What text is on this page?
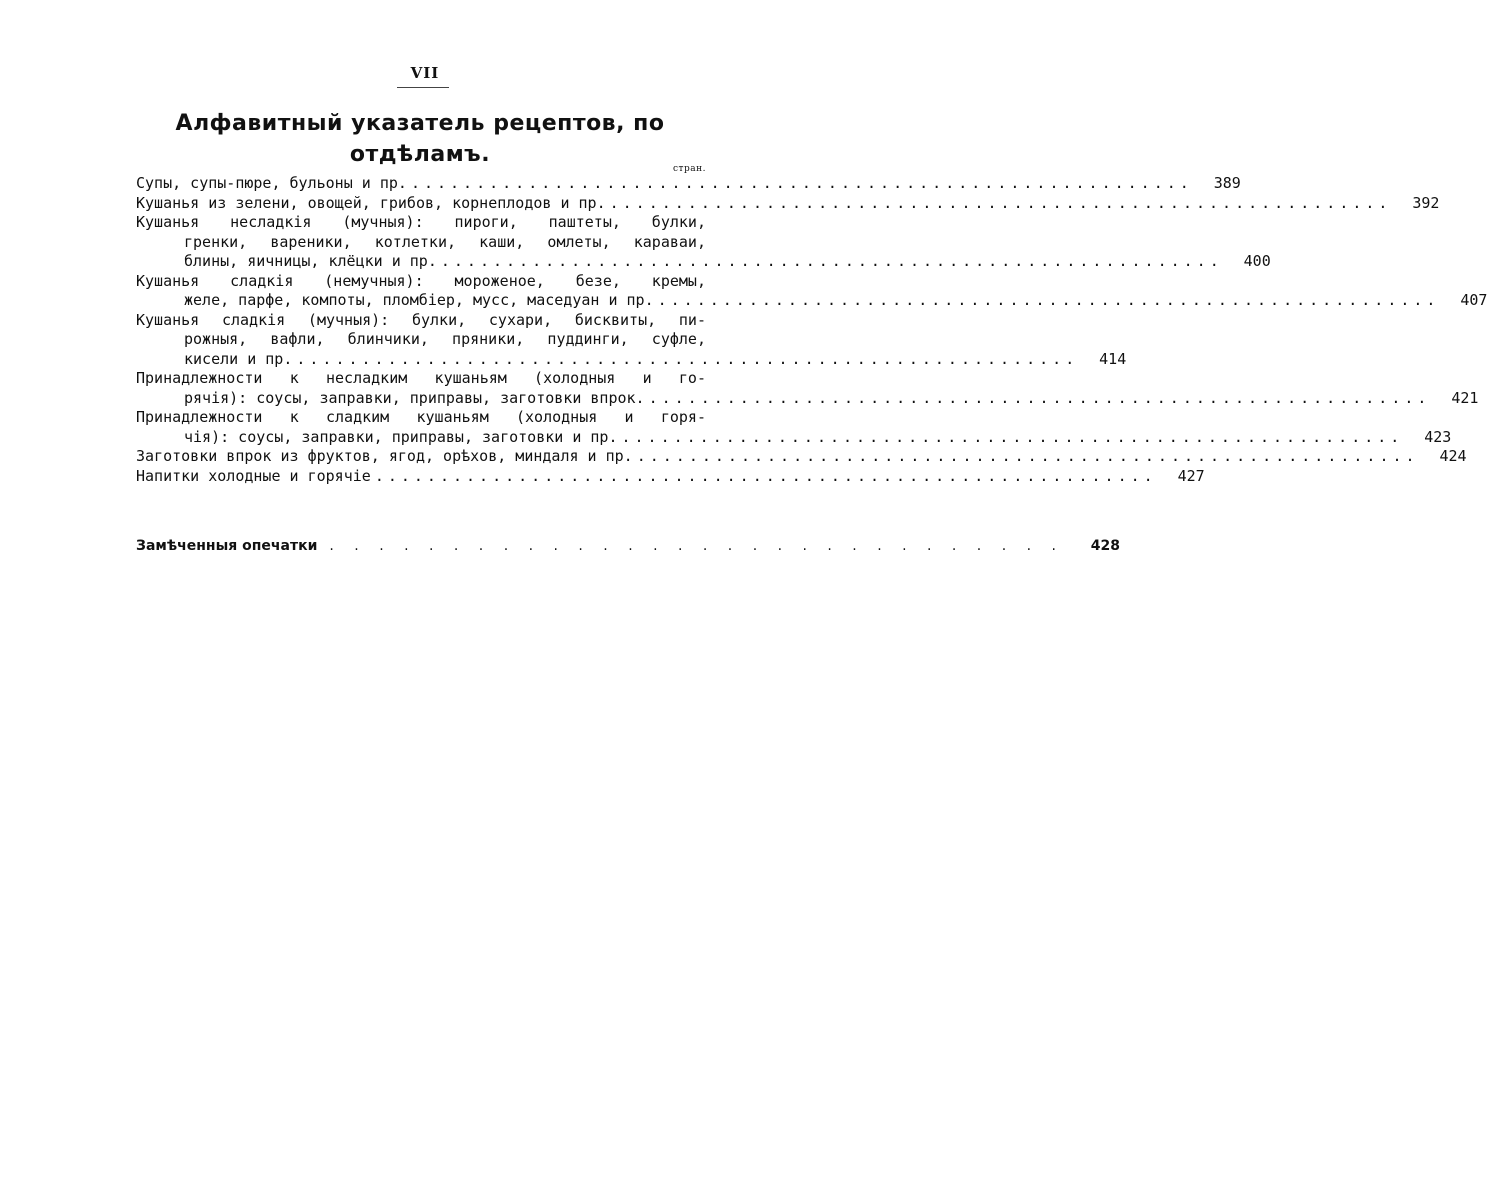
VII
Алфавитный указатель рецептов, по
отдѣламъ.
стран.
Супы, супы-пюре, бульоны и пр. ............................................................	389
Кушанья из зелени, овощей, грибов, корнеплодов и пр. ............................................................	392
Кушанья несладкія (мучныя): пироги, паштеты, булки,
гренки, вареники, котлетки, каши, омлеты, караваи,
блины, яичницы, клёцки и пр. ............................................................	400
Кушанья сладкія (немучныя): мороженое, безе, кремы,
желе, парфе, компоты, пломбіер, мусс, маседуан и пр. ............................................................	407
Кушанья сладкія (мучныя): булки, сухари, бисквиты, пи-
рожныя, вафли, блинчики, пряники, пуддинги, суфле,
кисели и пр. ............................................................	414
Принадлежности к несладким кушаньям (холодныя и го-
рячія): соусы, заправки, приправы, заготовки впрок. ............................................................	421
Принадлежности к сладким кушаньям (холодныя и горя-
чія): соусы, заправки, приправы, заготовки и пр. ............................................................	423
Заготовки впрок из фруктов, ягод, орѣхов, миндаля и пр. ............................................................	424
Напитки холодные и горячіе ............................................................	427
Замѣченныя опечатки . . . . . . . . . . . . . . . . . . . . . . . . . . . . . .	428
